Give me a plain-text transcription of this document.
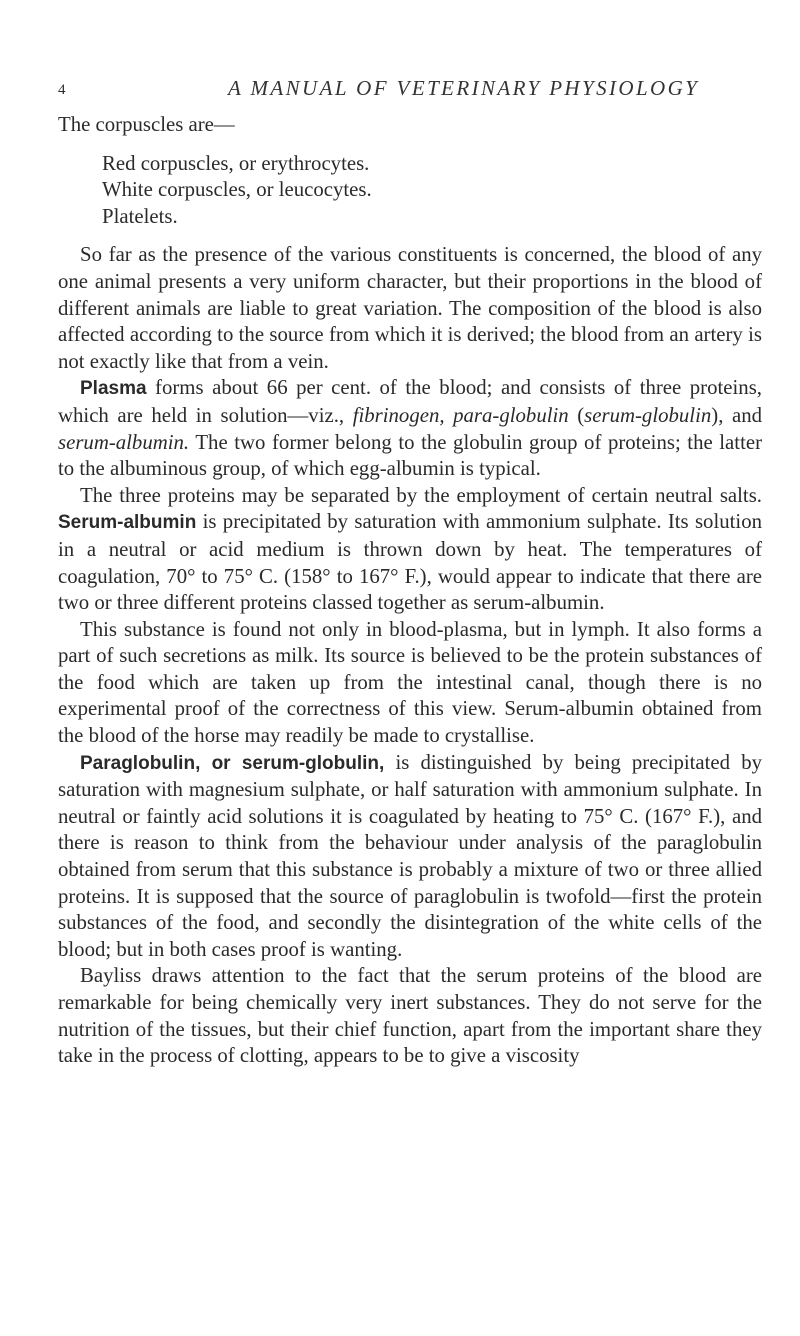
4	A MANUAL OF VETERINARY PHYSIOLOGY
The corpuscles are—
Red corpuscles, or erythrocytes.
White corpuscles, or leucocytes.
Platelets.

So far as the presence of the various constituents is concerned, the blood of any one animal presents a very uniform character, but their proportions in the blood of different animals are liable to great variation. The composition of the blood is also affected according to the source from which it is derived; the blood from an artery is not exactly like that from a vein.

Plasma forms about 66 per cent. of the blood; and consists of three proteins, which are held in solution—viz., fibrinogen, para-globulin (serum-globulin), and serum-albumin. The two former belong to the globulin group of proteins; the latter to the albuminous group, of which egg-albumin is typical.

The three proteins may be separated by the employment of certain neutral salts. Serum-albumin is precipitated by saturation with ammonium sulphate. Its solution in a neutral or acid medium is thrown down by heat. The temperatures of coagulation, 70° to 75° C. (158° to 167° F.), would appear to indicate that there are two or three different proteins classed together as serum-albumin.

This substance is found not only in blood-plasma, but in lymph. It also forms a part of such secretions as milk. Its source is believed to be the protein substances of the food which are taken up from the intestinal canal, though there is no experimental proof of the correctness of this view. Serum-albumin obtained from the blood of the horse may readily be made to crystallise.

Paraglobulin, or serum-globulin, is distinguished by being precipitated by saturation with magnesium sulphate, or half saturation with ammonium sulphate. In neutral or faintly acid solutions it is coagulated by heating to 75° C. (167° F.), and there is reason to think from the behaviour under analysis of the paraglobulin obtained from serum that this substance is probably a mixture of two or three allied proteins. It is supposed that the source of paraglobulin is twofold—first the protein substances of the food, and secondly the disintegration of the white cells of the blood; but in both cases proof is wanting.

Bayliss draws attention to the fact that the serum proteins of the blood are remarkable for being chemically very inert substances. They do not serve for the nutrition of the tissues, but their chief function, apart from the important share they take in the process of clotting, appears to be to give a viscosity
